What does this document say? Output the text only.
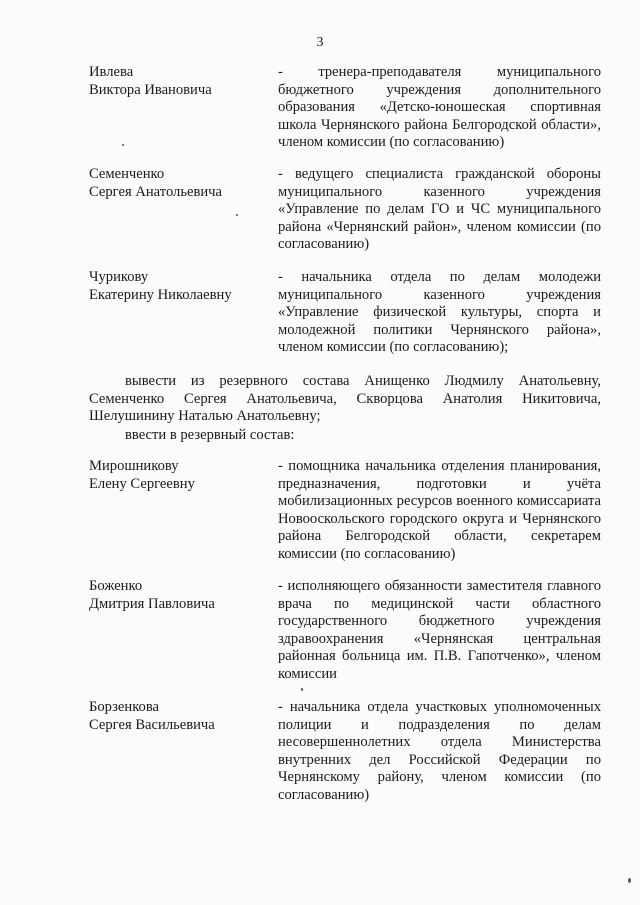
3
Ивлева
Виктора Ивановича
- тренера-преподавателя муниципального бюджетного учреждения дополнительного образования «Детско-юношеская спортивная школа Чернянского района Белгородской области», членом комиссии (по согласованию)
Семенченко
Сергея Анатольевича
- ведущего специалиста гражданской обороны муниципального казенного учреждения «Управление по делам ГО и ЧС муниципального района «Чернянский район», членом комиссии (по согласованию)
Чурикову
Екатерину Николаевну
- начальника отдела по делам молодежи муниципального казенного учреждения «Управление физической культуры, спорта и молодежной политики Чернянского района», членом комиссии (по согласованию);
вывести из резервного состава Анищенко Людмилу Анатольевну, Семенченко Сергея Анатольевича, Скворцова Анатолия Никитовича, Шелушинину Наталью Анатольевну;
ввести в резервный состав:
Мирошникову
Елену Сергеевну
- помощника начальника отделения планирования, предназначения, подготовки и учёта мобилизационных ресурсов военного комиссариата Новооскольского городского округа и Чернянского района Белгородской области, секретарем комиссии (по согласованию)
Боженко
Дмитрия Павловича
- исполняющего обязанности заместителя главного врача по медицинской части областного государственного бюджетного учреждения здравоохранения «Чернянская центральная районная больница им. П.В. Гапотченко», членом комиссии
Борзенкова
Сергея Васильевича
- начальника отдела участковых уполномоченных полиции и подразделения по делам несовершеннолетних отдела Министерства внутренних дел Российской Федерации по Чернянскому району, членом комиссии (по согласованию)
